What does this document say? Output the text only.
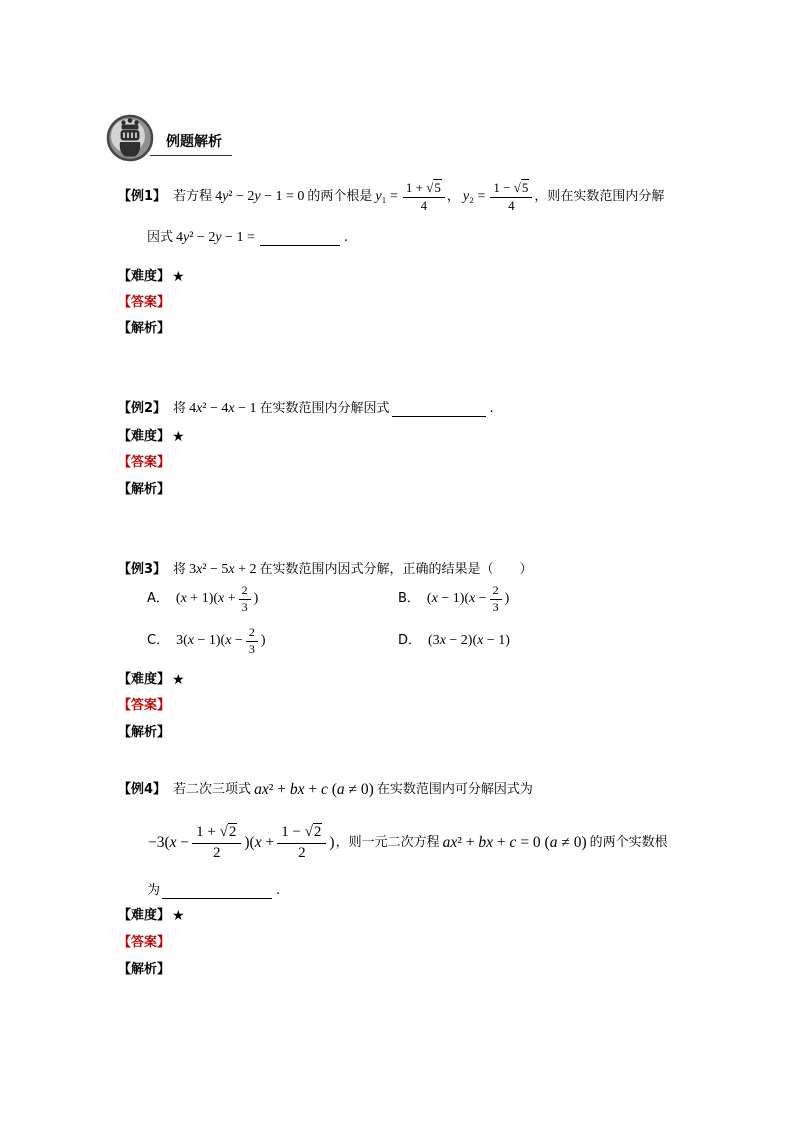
例题解析
【例1】 若方程 4y² − 2y − 1 = 0 的两个根是 $y_1 = \frac{1 + √5}{4}$ ， $y_2 = \frac{1 - √5}{4}$ ，则在实数范围内分解
因式 4y² − 2y − 1 =	.
【难度】 ★
【答案】
【解析】
【例2】 将 4x² − 4x − 1 在实数范围内分解因式	.
【难度】 ★
【答案】
【解析】
【例3】 将 3x² − 5x + 2 在实数范围内因式分解，正确的结果是（　　）
A． $(x + 1)(x + \frac{2}{3}$ )	B． $(x - 1)(x - \frac{2}{3}$ )
C． $3(x - 1)(x - \frac{2}{3}$ )	D． (3x − 2)(x − 1)
【难度】 ★
【答案】
【解析】
【例4】 若二次三项式 ax² + bx + c (a ≠ 0) 在实数范围内可分解因式为
$-3(x - \frac{1 + √2}{2} )(x + \frac{1 - √2}{2}$ ) ，则一元二次方程 ax² + bx + c = 0 (a ≠ 0) 的两个实数根
为	.
【难度】 ★
【答案】
【解析】
